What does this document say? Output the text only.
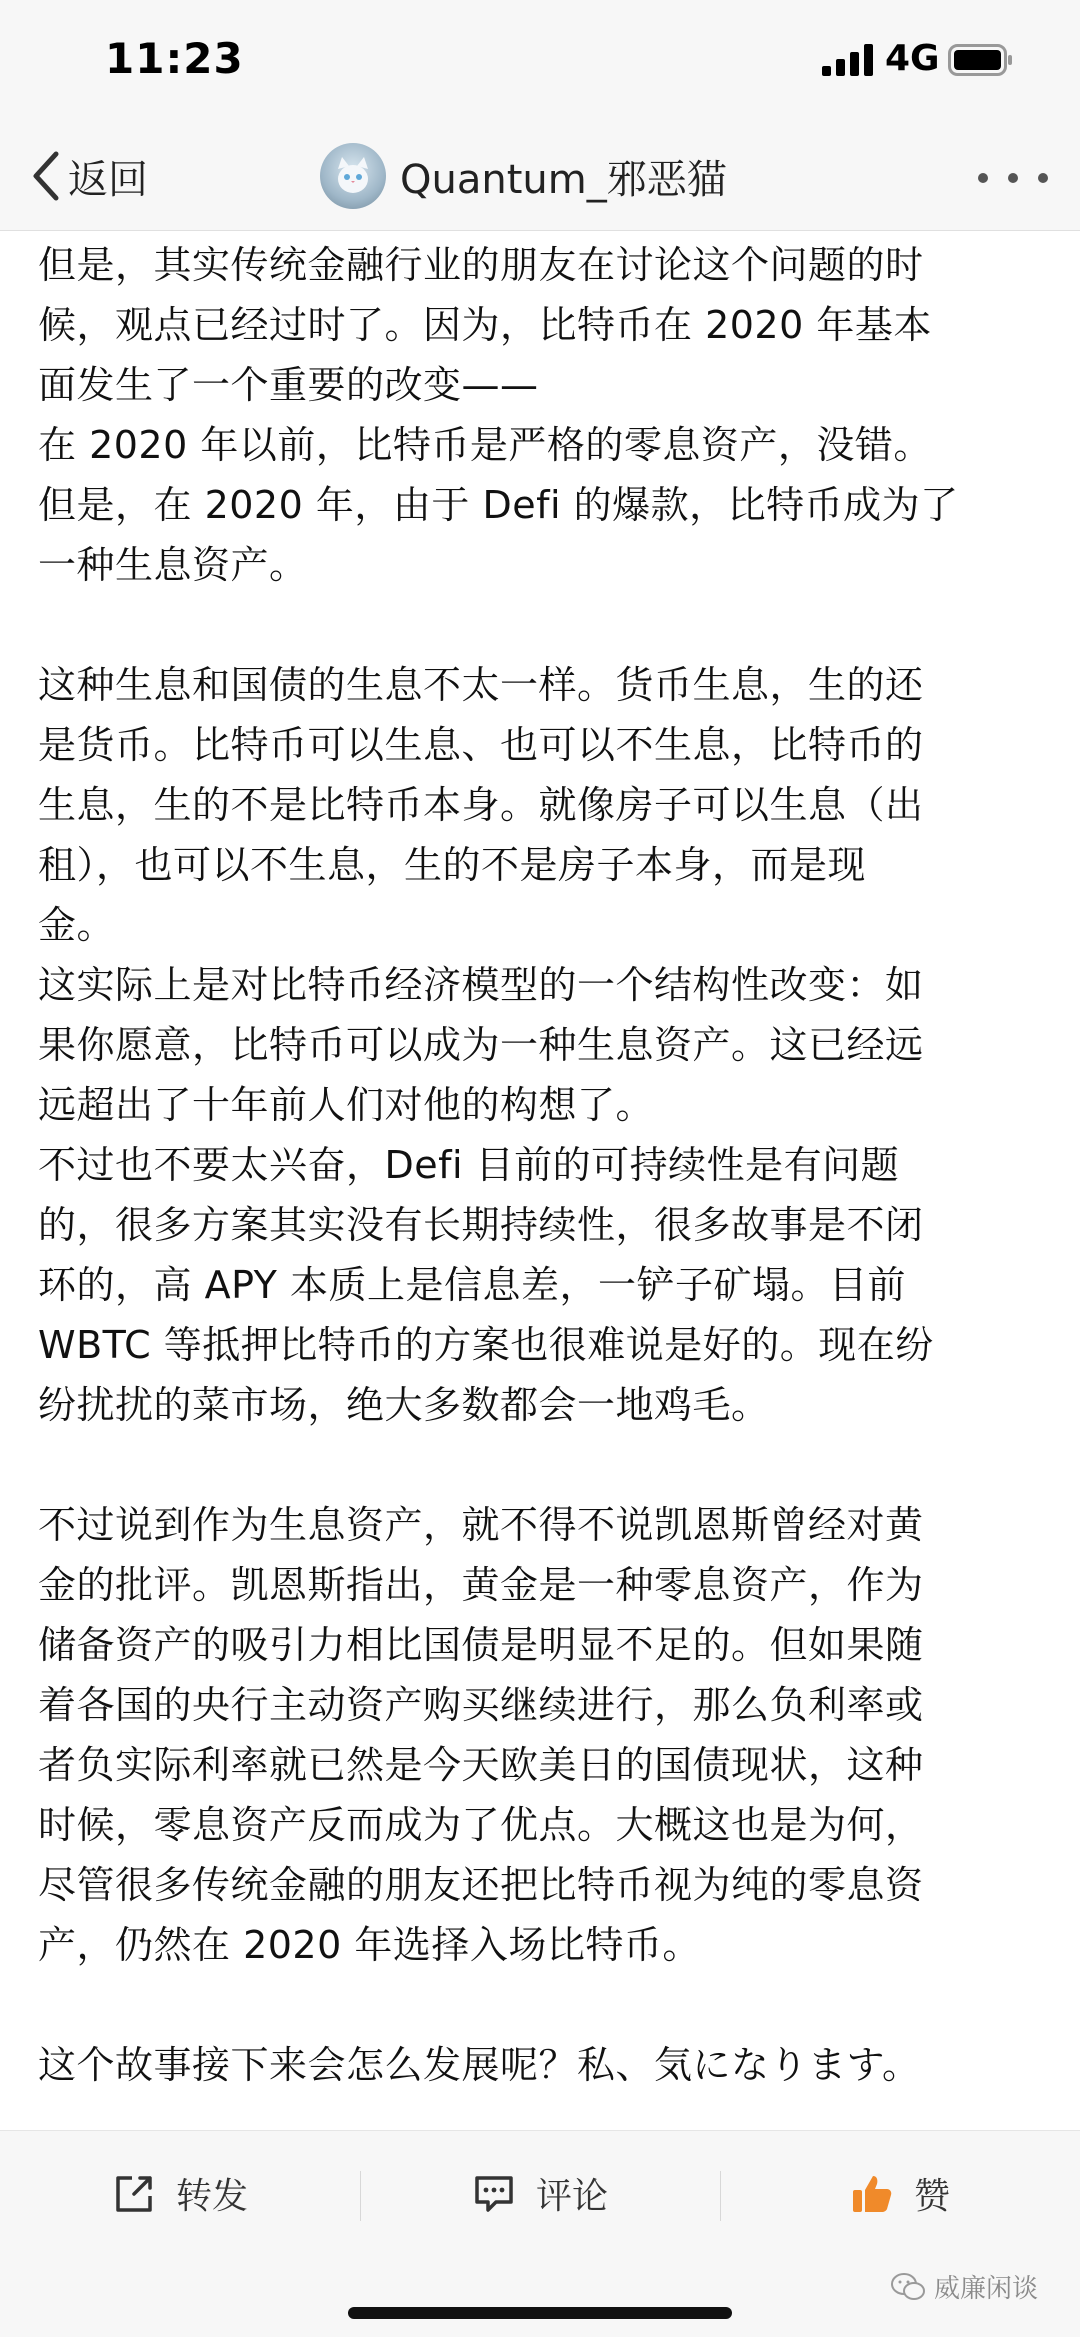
11:23	4G
返回	Quantum_邪恶猫
但是，其实传统金融行业的朋友在讨论这个问题的时
候，观点已经过时了。因为，比特币在 2020 年基本
面发生了一个重要的改变——
在 2020 年以前，比特币是严格的零息资产，没错。
但是，在 2020 年，由于 Defi 的爆款，比特币成为了
一种生息资产。
这种生息和国债的生息不太一样。货币生息，生的还
是货币。比特币可以生息、也可以不生息，比特币的
生息，生的不是比特币本身。就像房子可以生息（出
租），也可以不生息，生的不是房子本身，而是现
金。
这实际上是对比特币经济模型的一个结构性改变：如
果你愿意，比特币可以成为一种生息资产。这已经远
远超出了十年前人们对他的构想了。
不过也不要太兴奋，Defi 目前的可持续性是有问题
的，很多方案其实没有长期持续性，很多故事是不闭
环的，高 APY 本质上是信息差，一铲子矿塌。目前
WBTC 等抵押比特币的方案也很难说是好的。现在纷
纷扰扰的菜市场，绝大多数都会一地鸡毛。
不过说到作为生息资产，就不得不说凯恩斯曾经对黄
金的批评。凯恩斯指出，黄金是一种零息资产，作为
储备资产的吸引力相比国债是明显不足的。但如果随
着各国的央行主动资产购买继续进行，那么负利率或
者负实际利率就已然是今天欧美日的国债现状，这种
时候，零息资产反而成为了优点。大概这也是为何，
尽管很多传统金融的朋友还把比特币视为纯的零息资
产，仍然在 2020 年选择入场比特币。
这个故事接下来会怎么发展呢？私、気になります。
转发	评论	赞
威廉闲谈
